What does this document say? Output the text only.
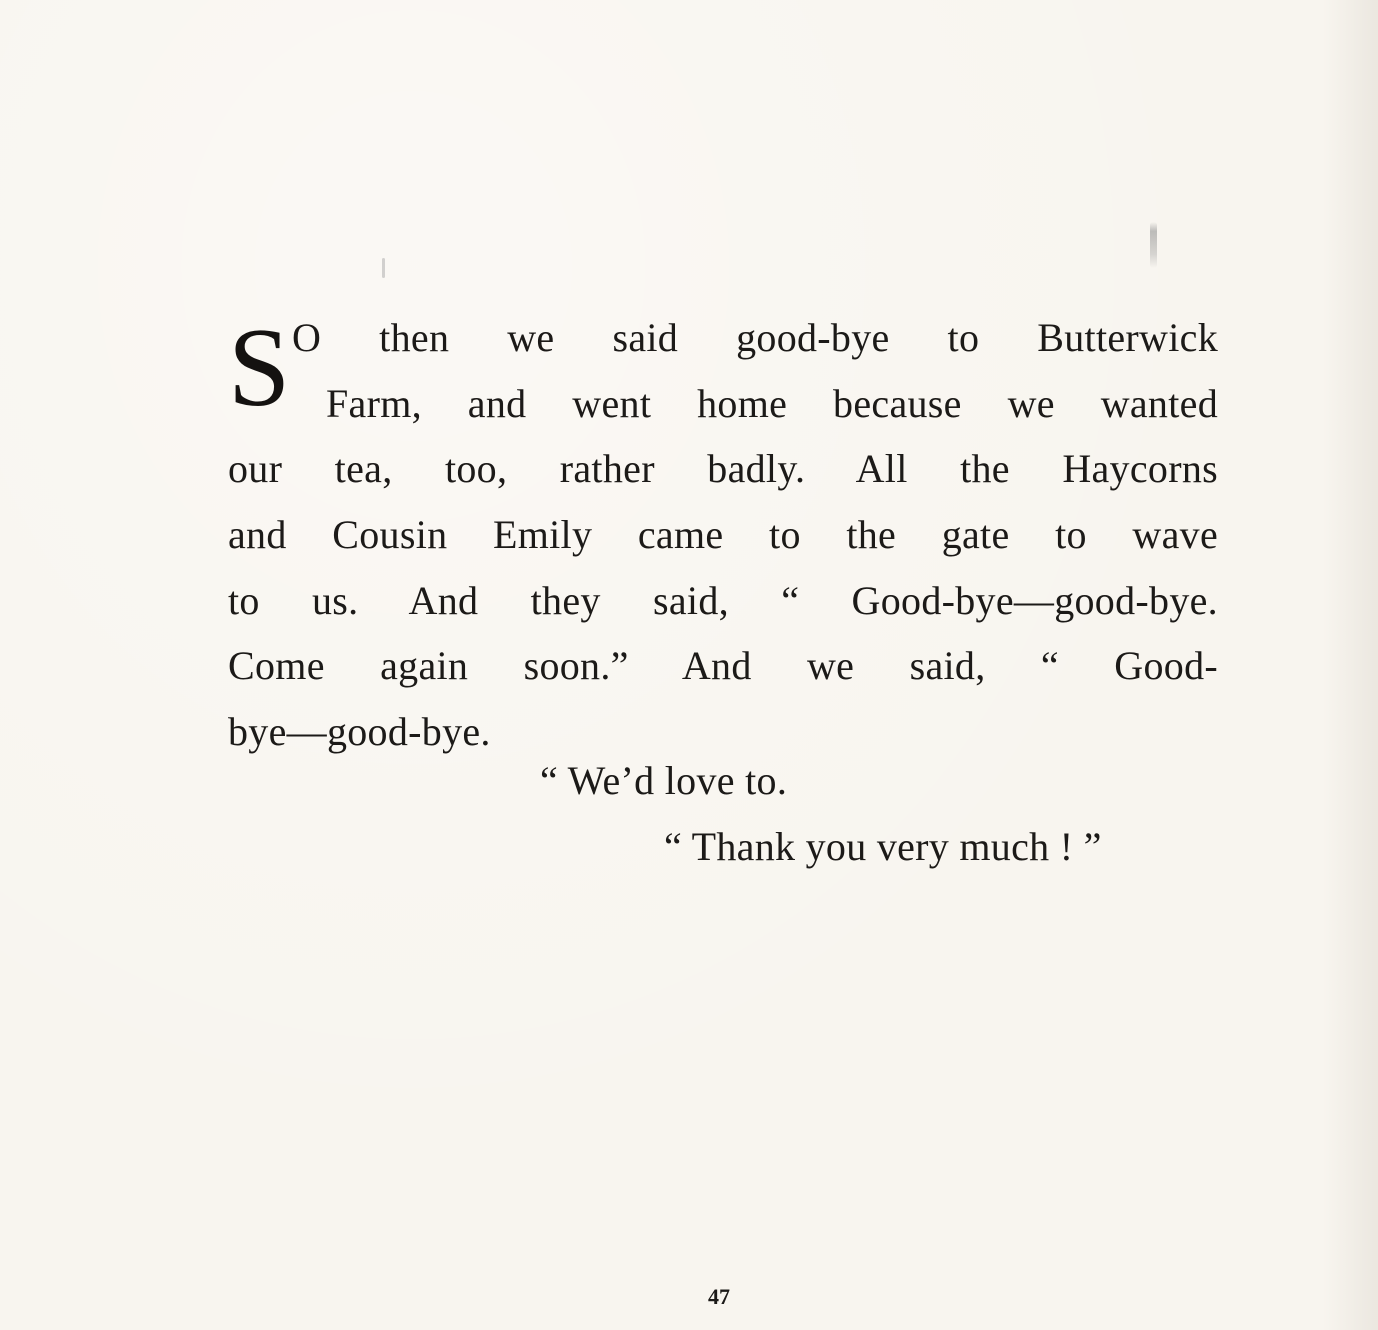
S O then we said good-bye to Butterwick
Farm, and went home because we wanted
our tea, too, rather badly. All the Haycorns
and Cousin Emily came to the gate to wave
to us. And they said, “ Good-bye—good-bye.
Come again soon.” And we said, “ Good-
bye—good-bye.
“ We’d love to.
“ Thank you very much ! ”
47
